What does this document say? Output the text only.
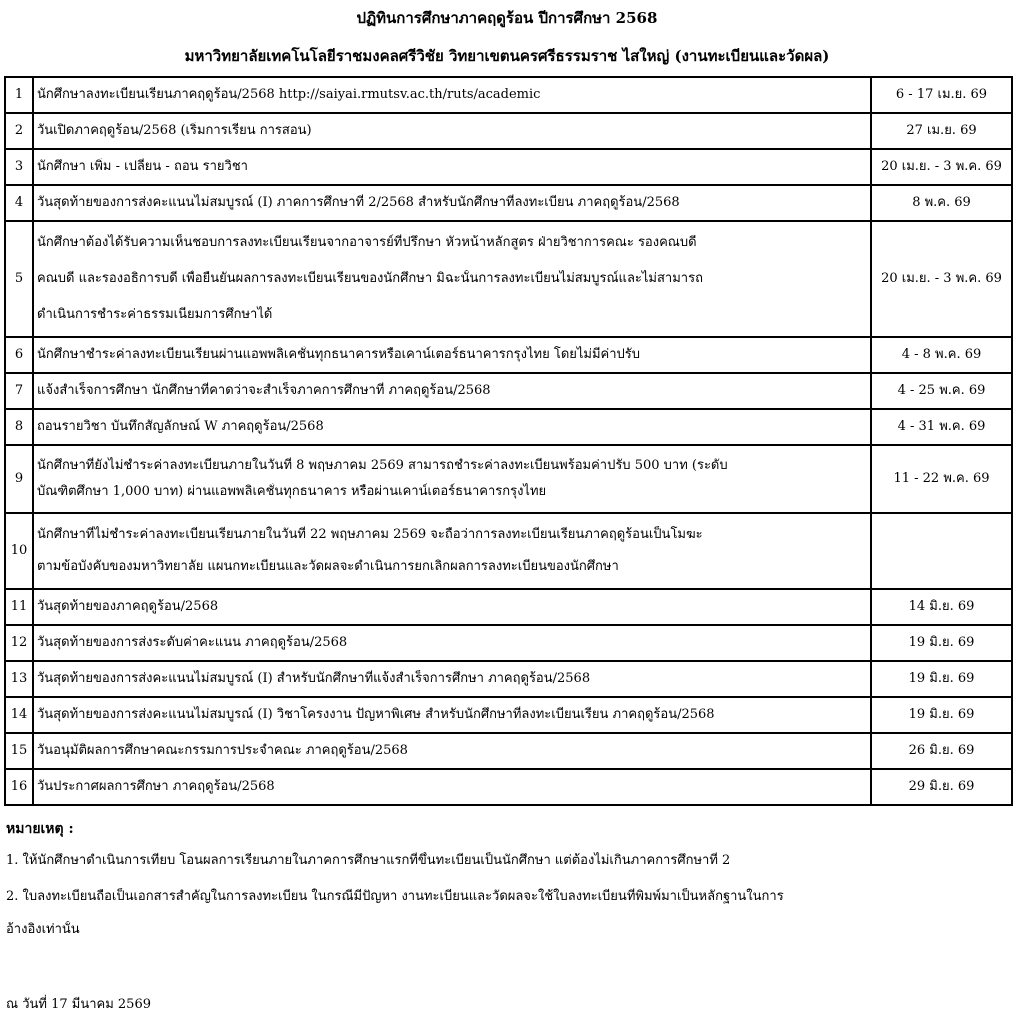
ปฏิทินการศึกษาภาคฤดูร้อน ปีการศึกษา 2568
มหาวิทยาลัยเทคโนโลยีราชมงคลศรีวิชัย วิทยาเขตนครศรีธรรมราช ไสใหญ่ (งานทะเบียนและวัดผล)
1	นักศึกษาลงทะเบียนเรียนภาคฤดูร้อน/2568 http://saiyai.rmutsv.ac.th/ruts/academic	6 - 17 เม.ย. 69
2	วันเปิดภาคฤดูร้อน/2568 (เริ่มการเรียน การสอน)	27 เม.ย. 69
3	นักศึกษา เพิ่ม - เปลี่ยน - ถอน รายวิชา	20 เม.ย. - 3 พ.ค. 69
4	วันสุดท้ายของการส่งคะแนนไม่สมบูรณ์ (I) ภาคการศึกษาที่ 2/2568 สำหรับนักศึกษาที่ลงทะเบียน ภาคฤดูร้อน/2568	8 พ.ค. 69
5	นักศึกษาต้องได้รับความเห็นชอบการลงทะเบียนเรียนจากอาจารย์ที่ปรึกษา หัวหน้าหลักสูตร ฝ่ายวิชาการคณะ รองคณบดี
คณบดี และรองอธิการบดี เพื่อยืนยันผลการลงทะเบียนเรียนของนักศึกษา มิฉะนั้นการลงทะเบียนไม่สมบูรณ์และไม่สามารถ
ดำเนินการชำระค่าธรรมเนียมการศึกษาได้	20 เม.ย. - 3 พ.ค. 69
6	นักศึกษาชำระค่าลงทะเบียนเรียนผ่านแอพพลิเคชั่นทุกธนาคารหรือเคาน์เตอร์ธนาคารกรุงไทย โดยไม่มีค่าปรับ	4 - 8 พ.ค. 69
7	แจ้งสำเร็จการศึกษา นักศึกษาที่คาดว่าจะสำเร็จภาคการศึกษาที่ ภาคฤดูร้อน/2568	4 - 25 พ.ค. 69
8	ถอนรายวิชา บันทึกสัญลักษณ์ W ภาคฤดูร้อน/2568	4 - 31 พ.ค. 69
9	นักศึกษาที่ยังไม่ชำระค่าลงทะเบียนภายในวันที่ 8 พฤษภาคม 2569 สามารถชำระค่าลงทะเบียนพร้อมค่าปรับ 500 บาท (ระดับ
บัณฑิตศึกษา 1,000 บาท) ผ่านแอพพลิเคชั่นทุกธนาคาร หรือผ่านเคาน์เตอร์ธนาคารกรุงไทย	11 - 22 พ.ค. 69
10	นักศึกษาที่ไม่ชำระค่าลงทะเบียนเรียนภายในวันที่ 22 พฤษภาคม 2569 จะถือว่าการลงทะเบียนเรียนภาคฤดูร้อนเป็นโมฆะ
ตามข้อบังคับของมหาวิทยาลัย แผนกทะเบียนและวัดผลจะดำเนินการยกเลิกผลการลงทะเบียนของนักศึกษา	

11	วันสุดท้ายของภาคฤดูร้อน/2568	14 มิ.ย. 69
12	วันสุดท้ายของการส่งระดับค่าคะแนน ภาคฤดูร้อน/2568	19 มิ.ย. 69
13	วันสุดท้ายของการส่งคะแนนไม่สมบูรณ์ (I) สำหรับนักศึกษาที่แจ้งสำเร็จการศึกษา ภาคฤดูร้อน/2568	19 มิ.ย. 69
14	วันสุดท้ายของการส่งคะแนนไม่สมบูรณ์ (I) วิชาโครงงาน ปัญหาพิเศษ สำหรับนักศึกษาที่ลงทะเบียนเรียน ภาคฤดูร้อน/2568	19 มิ.ย. 69
15	วันอนุมัติผลการศึกษาคณะกรรมการประจำคณะ ภาคฤดูร้อน/2568	26 มิ.ย. 69
16	วันประกาศผลการศึกษา ภาคฤดูร้อน/2568	29 มิ.ย. 69
หมายเหตุ :
1. ให้นักศึกษาดำเนินการเทียบ โอนผลการเรียนภายในภาคการศึกษาแรกที่ขึ้นทะเบียนเป็นนักศึกษา แต่ต้องไม่เกินภาคการศึกษาที่ 2
2. ใบลงทะเบียนถือเป็นเอกสารสำคัญในการลงทะเบียน ในกรณีมีปัญหา งานทะเบียนและวัดผลจะใช้ใบลงทะเบียนที่พิมพ์มาเป็นหลักฐานในการ
อ้างอิงเท่านั้น
ณ วันที่ 17 มีนาคม 2569
